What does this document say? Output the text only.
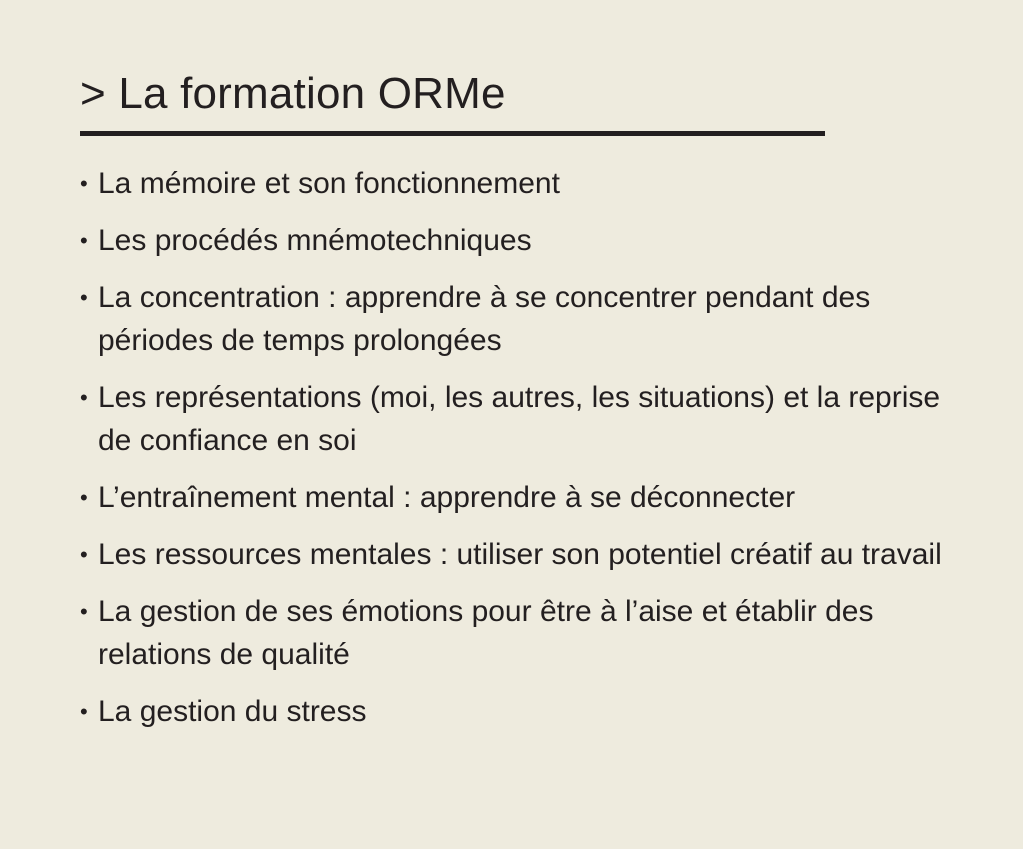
> La formation ORMe
• La mémoire et son fonctionnement
• Les procédés mnémotechniques
• La concentration : apprendre à se concentrer pendant des périodes de temps prolongées
• Les représentations (moi, les autres, les situations) et la reprise de confiance en soi
• L’entraînement mental : apprendre à se déconnecter
• Les ressources mentales : utiliser son potentiel créatif au travail
• La gestion de ses émotions pour être à l’aise et établir des relations de qualité
• La gestion du stress
